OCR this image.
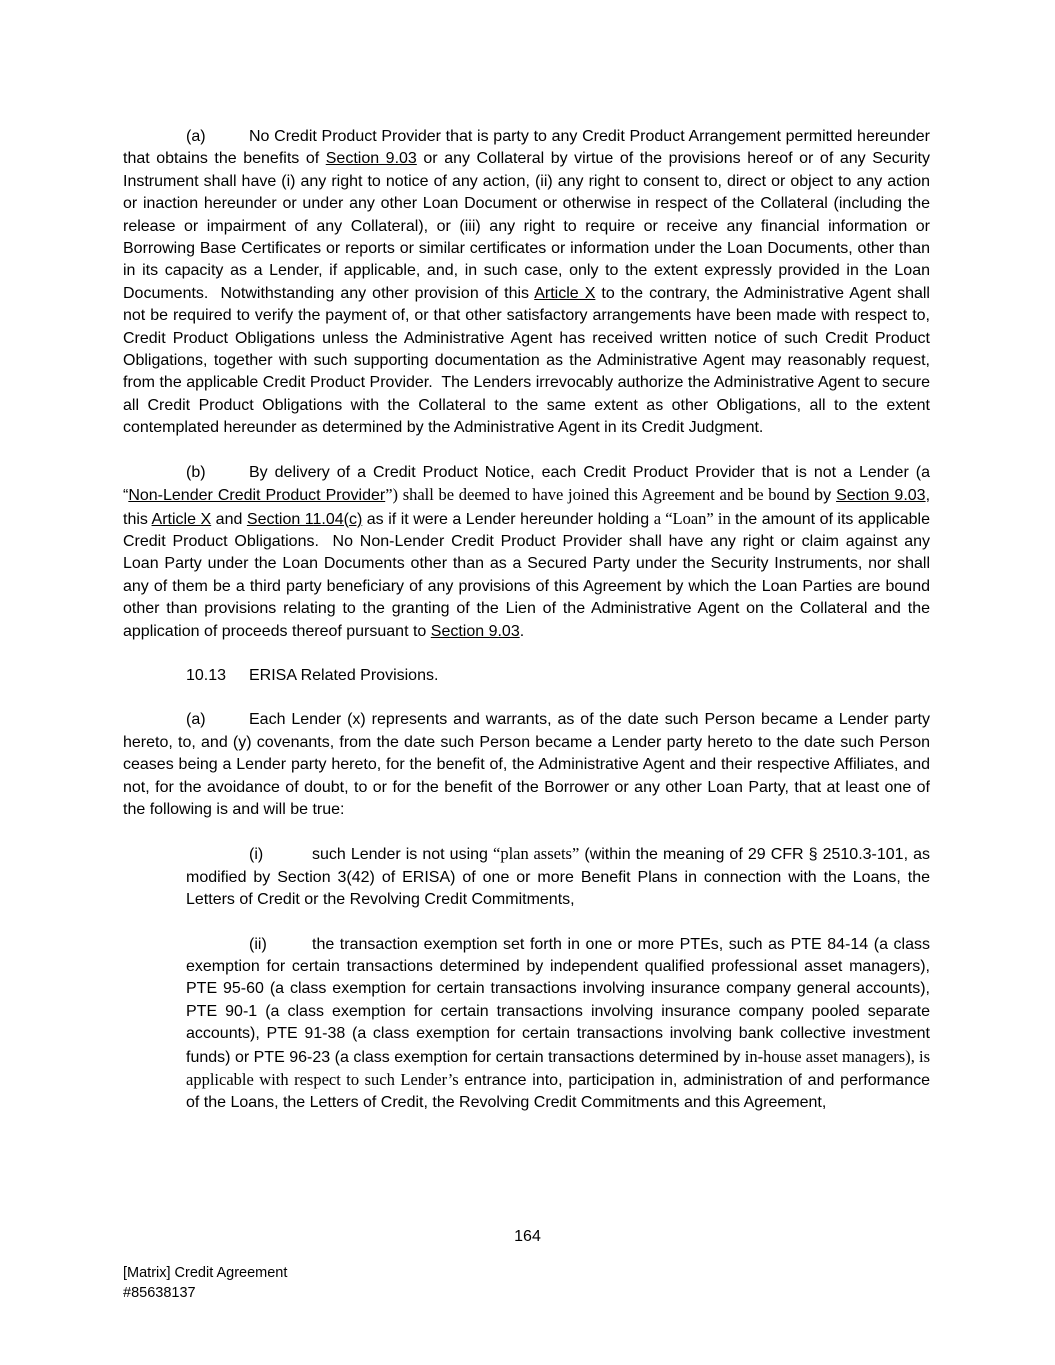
(a)	No Credit Product Provider that is party to any Credit Product Arrangement permitted hereunder that obtains the benefits of Section 9.03 or any Collateral by virtue of the provisions hereof or of any Security Instrument shall have (i) any right to notice of any action, (ii) any right to consent to, direct or object to any action or inaction hereunder or under any other Loan Document or otherwise in respect of the Collateral (including the release or impairment of any Collateral), or (iii) any right to require or receive any financial information or Borrowing Base Certificates or reports or similar certificates or information under the Loan Documents, other than in its capacity as a Lender, if applicable, and, in such case, only to the extent expressly provided in the Loan Documents.  Notwithstanding any other provision of this Article X to the contrary, the Administrative Agent shall not be required to verify the payment of, or that other satisfactory arrangements have been made with respect to, Credit Product Obligations unless the Administrative Agent has received written notice of such Credit Product Obligations, together with such supporting documentation as the Administrative Agent may reasonably request, from the applicable Credit Product Provider.  The Lenders irrevocably authorize the Administrative Agent to secure all Credit Product Obligations with the Collateral to the same extent as other Obligations, all to the extent contemplated hereunder as determined by the Administrative Agent in its Credit Judgment.

(b)	By delivery of a Credit Product Notice, each Credit Product Provider that is not a Lender (a “Non-Lender Credit Product Provider”) shall be deemed to have joined this Agreement and be bound by Section 9.03, this Article X and Section 11.04(c) as if it were a Lender hereunder holding a “Loan” in the amount of its applicable Credit Product Obligations.  No Non-Lender Credit Product Provider shall have any right or claim against any Loan Party under the Loan Documents other than as a Secured Party under the Security Instruments, nor shall any of them be a third party beneficiary of any provisions of this Agreement by which the Loan Parties are bound other than provisions relating to the granting of the Lien of the Administrative Agent on the Collateral and the application of proceeds thereof pursuant to Section 9.03.

10.13 ERISA Related Provisions.

(a)	Each Lender (x) represents and warrants, as of the date such Person became a Lender party hereto, to, and (y) covenants, from the date such Person became a Lender party hereto to the date such Person ceases being a Lender party hereto, for the benefit of, the Administrative Agent and their respective Affiliates, and not, for the avoidance of doubt, to or for the benefit of the Borrower or any other Loan Party, that at least one of the following is and will be true:

(i)	such Lender is not using “plan assets” (within the meaning of 29 CFR § 2510.3-101, as modified by Section 3(42) of ERISA) of one or more Benefit Plans in connection with the Loans, the Letters of Credit or the Revolving Credit Commitments,

(ii)	the transaction exemption set forth in one or more PTEs, such as PTE 84-14 (a class exemption for certain transactions determined by independent qualified professional asset managers), PTE 95-60 (a class exemption for certain transactions involving insurance company general accounts), PTE 90-1 (a class exemption for certain transactions involving insurance company pooled separate accounts), PTE 91-38 (a class exemption for certain transactions involving bank collective investment funds) or PTE 96-23 (a class exemption for certain transactions determined by in-house asset managers), is applicable with respect to such Lender’s entrance into, participation in, administration of and performance of the Loans, the Letters of Credit, the Revolving Credit Commitments and this Agreement,

164
[Matrix] Credit Agreement
#85638137
